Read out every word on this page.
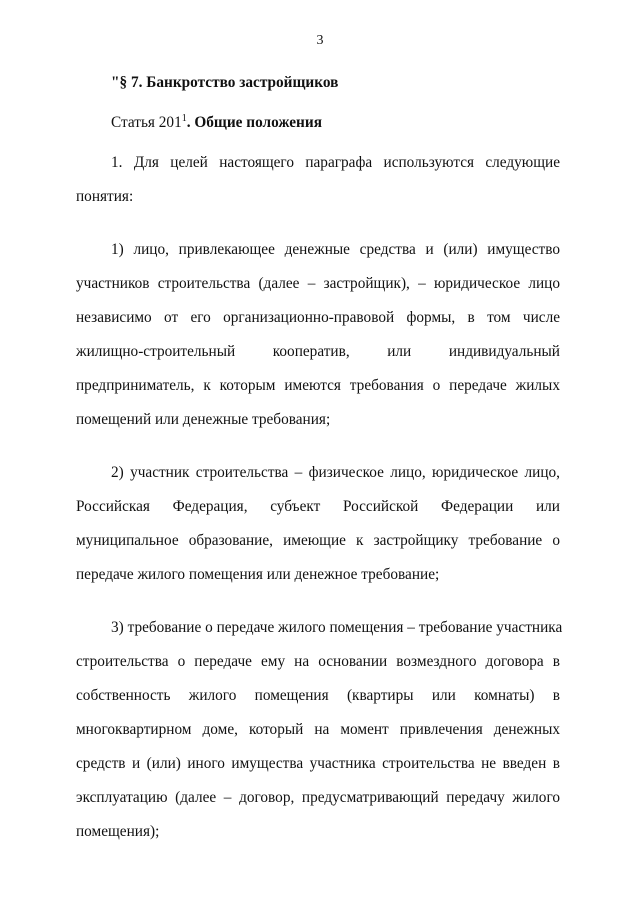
3
"§ 7. Банкротство застройщиков
Статья $201^1$. Общие положения
1. Для целей настоящего параграфа используются следующие
понятия:
1) лицо, привлекающее денежные средства и (или) имущество
участников строительства (далее – застройщик), – юридическое лицо
независимо от его организационно-правовой формы, в том числе
жилищно-строительный кооператив, или индивидуальный
предприниматель, к которым имеются требования о передаче жилых
помещений или денежные требования;
2) участник строительства – физическое лицо, юридическое лицо,
Российская Федерация, субъект Российской Федерации или
муниципальное образование, имеющие к застройщику требование о
передаче жилого помещения или денежное требование;
3) требование о передаче жилого помещения – требование участника
строительства о передаче ему на основании возмездного договора в
собственность жилого помещения (квартиры или комнаты) в
многоквартирном доме, который на момент привлечения денежных
средств и (или) иного имущества участника строительства не введен в
эксплуатацию (далее – договор, предусматривающий передачу жилого
помещения);
